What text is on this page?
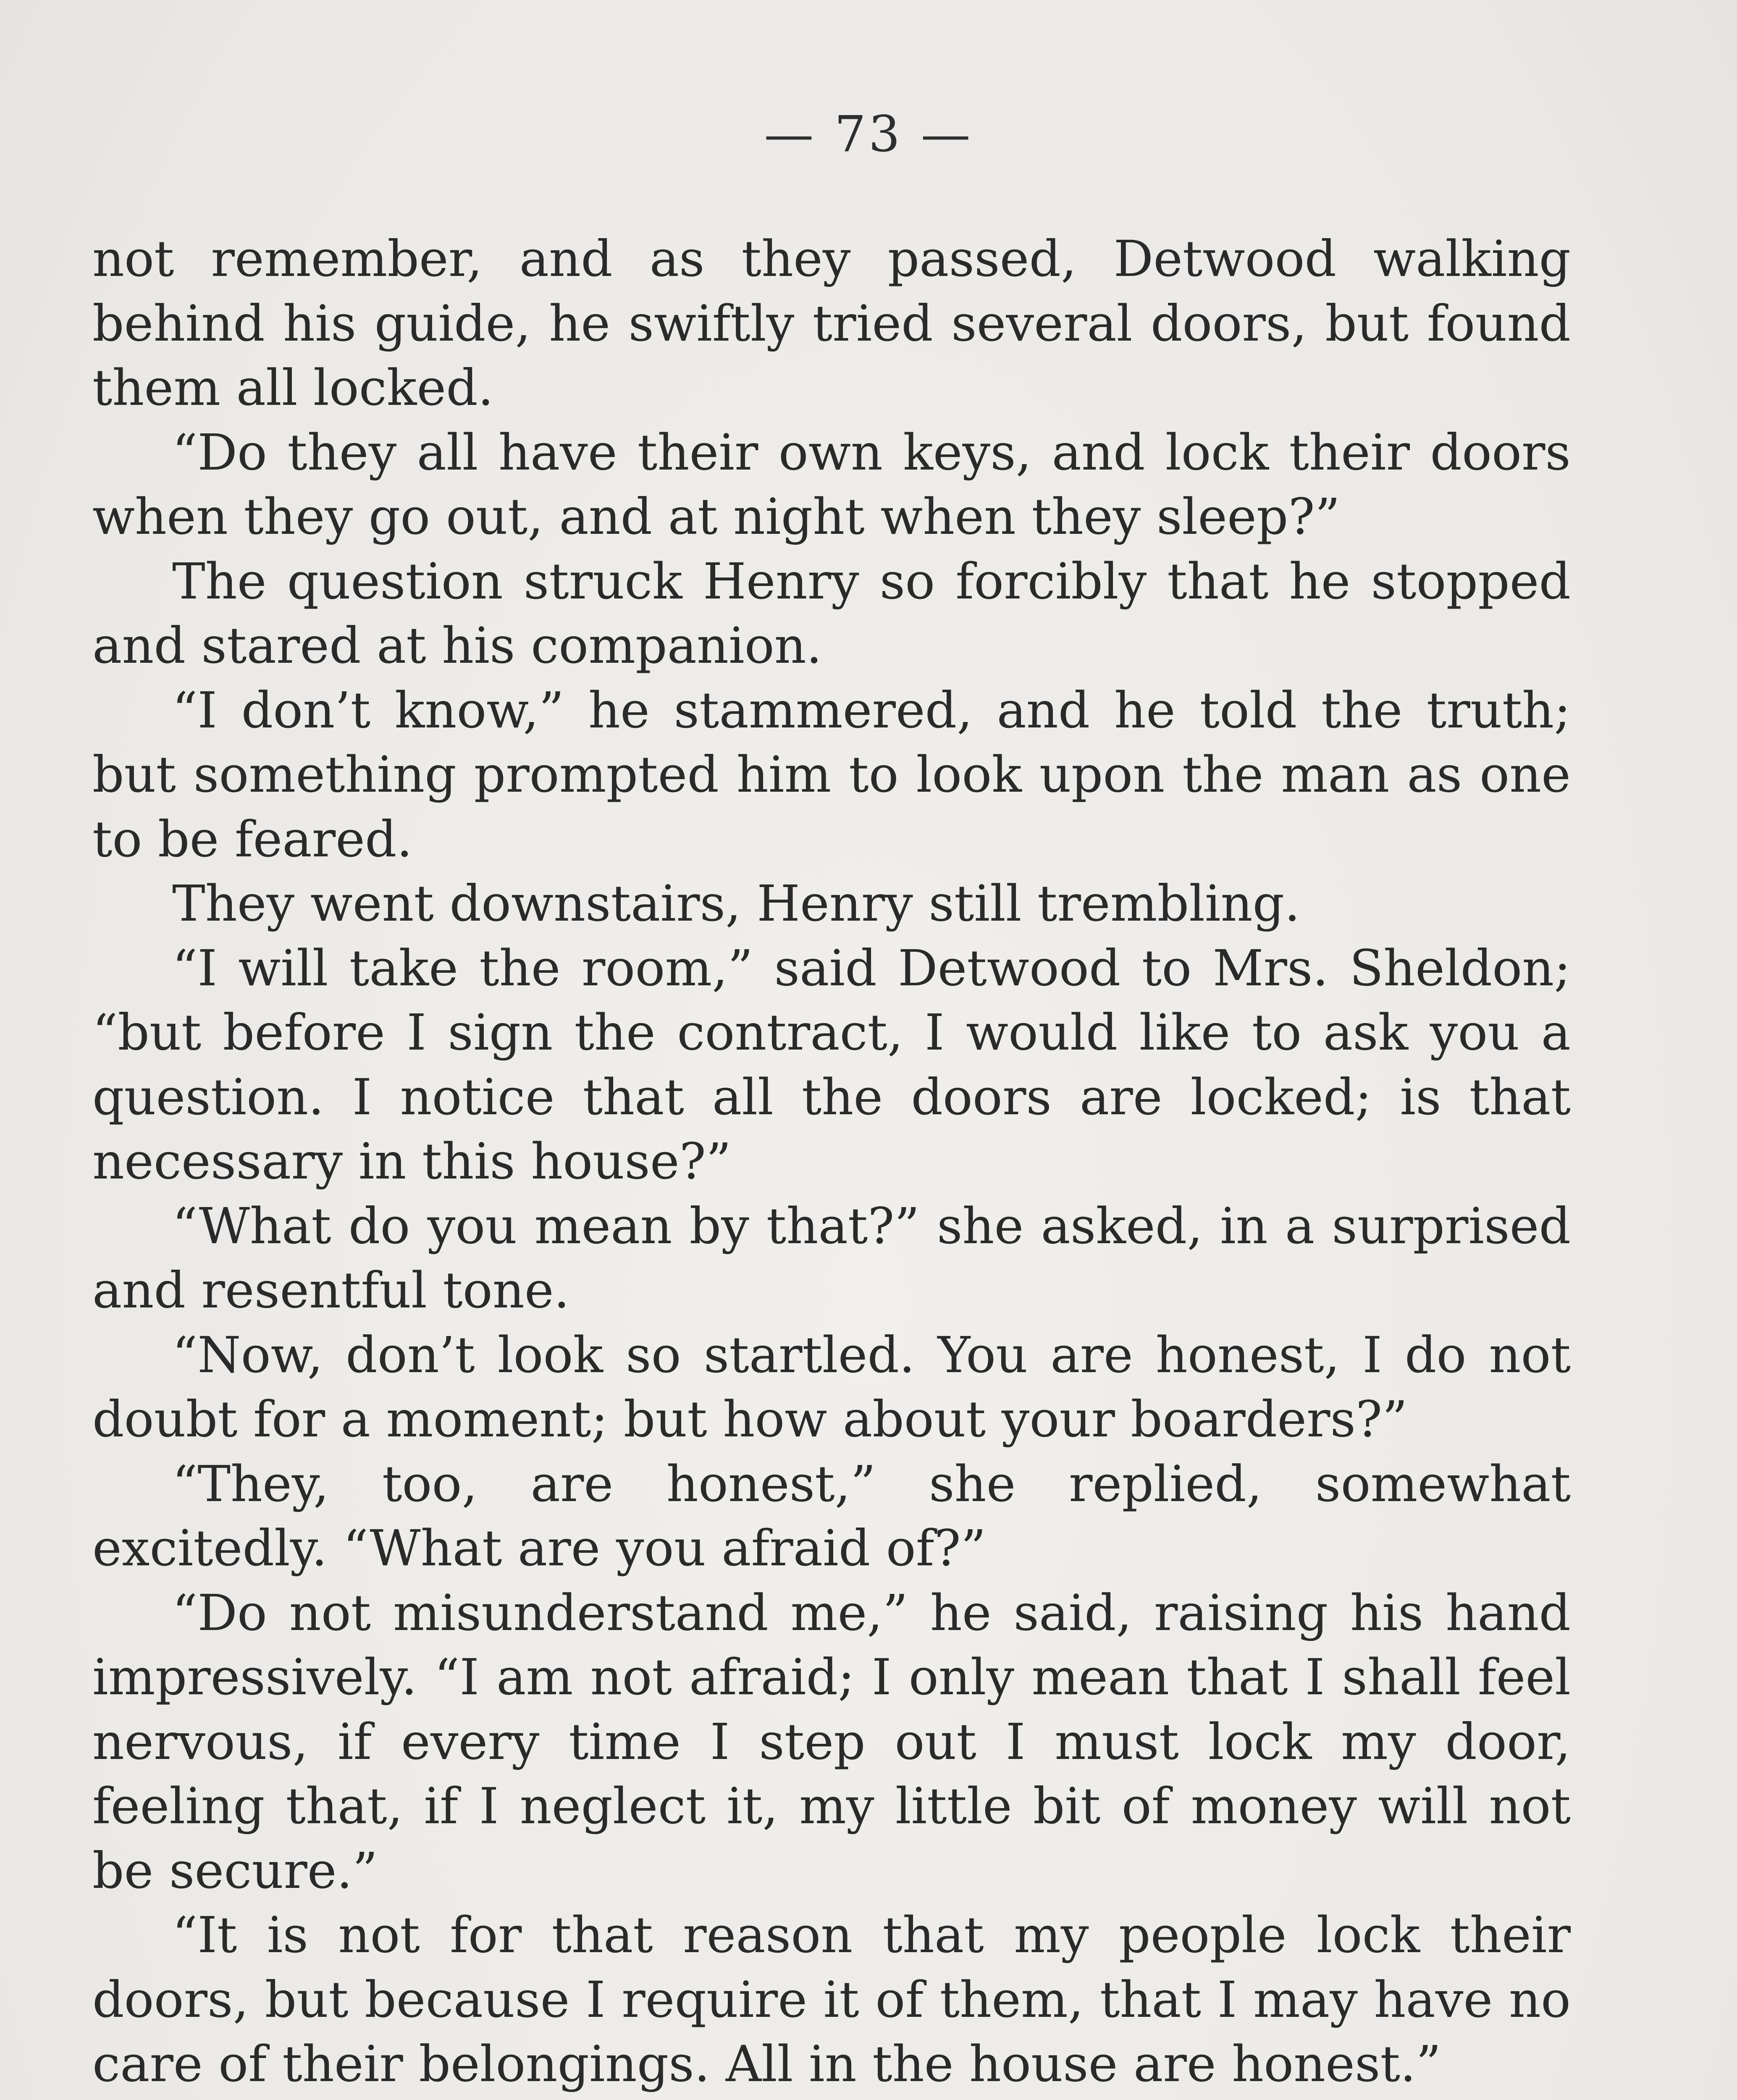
— 73 —

not remember, and as they passed, Detwood walking behind his guide, he swiftly tried several doors, but found them all locked.

“Do they all have their own keys, and lock their doors when they go out, and at night when they sleep?”

The question struck Henry so forcibly that he stopped and stared at his companion.

“I don’t know,” he stammered, and he told the truth; but something prompted him to look upon the man as one to be feared.

They went downstairs, Henry still trembling.

“I will take the room,” said Detwood to Mrs. Sheldon; “but before I sign the contract, I would like to ask you a question. I notice that all the doors are locked; is that necessary in this house?”

“What do you mean by that?” she asked, in a surprised and resentful tone.

“Now, don’t look so startled. You are honest, I do not doubt for a moment; but how about your boarders?”

“They, too, are honest,” she replied, somewhat excitedly. “What are you afraid of?”

“Do not misunderstand me,” he said, raising his hand impressively. “I am not afraid; I only mean that I shall feel nervous, if every time I step out I must lock my door, feeling that, if I neglect it, my little bit of money will not be secure.”

“It is not for that reason that my people lock their doors, but because I require it of them, that I may have no care of their belongings. All in the house are honest.”
